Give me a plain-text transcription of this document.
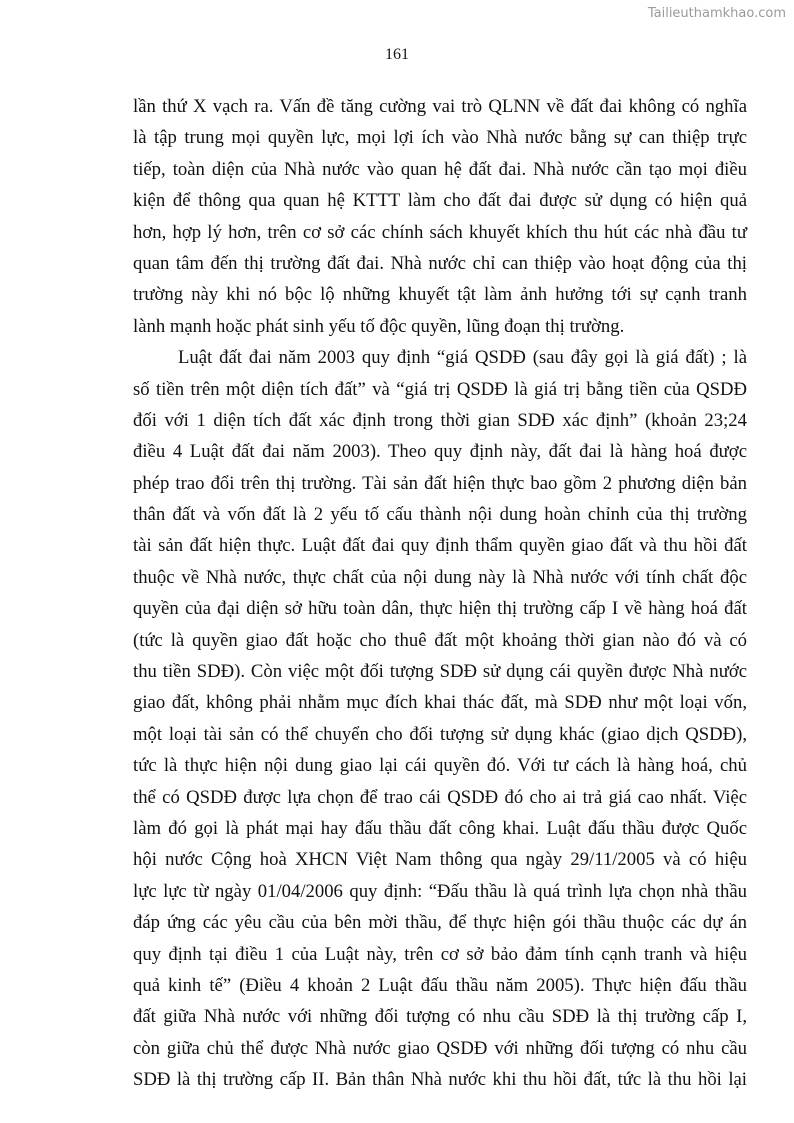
Tailieuthamkhao.com
161
lần thứ X vạch ra. Vấn đề tăng cường vai trò QLNN về đất đai không có nghĩa
là tập trung mọi quyền lực, mọi lợi ích vào Nhà nước bằng sự can thiệp trực
tiếp, toàn diện của Nhà nước vào quan hệ đất đai. Nhà nước cần tạo mọi điều
kiện để thông qua quan hệ KTTT làm cho đất đai được sử dụng có hiện quả
hơn, hợp lý hơn, trên cơ sở các chính sách khuyết khích thu hút các nhà đầu tư
quan tâm đến thị trường đất đai. Nhà nước chỉ can thiệp vào hoạt động của thị
trường này khi nó bộc lộ những khuyết tật làm ảnh hưởng tới sự cạnh tranh
lành mạnh hoặc phát sinh yếu tố độc quyền, lũng đoạn thị trường.
Luật đất đai năm 2003 quy định “giá QSDĐ (sau đây gọi là giá đất) ; là
số tiền trên một diện tích đất” và “giá trị QSDĐ là giá trị bằng tiền của QSDĐ
đối với 1 diện tích đất xác định trong thời gian SDĐ xác định” (khoản 23;24
điều 4 Luật đất đai năm 2003). Theo quy định này, đất đai là hàng hoá được
phép trao đổi trên thị trường. Tài sản đất hiện thực bao gồm 2 phương diện bản
thân đất và vốn đất là 2 yếu tố cấu thành nội dung hoàn chỉnh của thị trường
tài sản đất hiện thực. Luật đất đai quy định thẩm quyền giao đất và thu hồi đất
thuộc về Nhà nước, thực chất của nội dung này là Nhà nước với tính chất độc
quyền của đại diện sở hữu toàn dân, thực hiện thị trường cấp I về hàng hoá đất
(tức là quyền giao đất hoặc cho thuê đất một khoảng thời gian nào đó và có
thu tiền SDĐ). Còn việc một đối tượng SDĐ sử dụng cái quyền được Nhà nước
giao đất, không phải nhằm mục đích khai thác đất, mà SDĐ như một loại vốn,
một loại tài sản có thể chuyển cho đối tượng sử dụng khác (giao dịch QSDĐ),
tức là thực hiện nội dung giao lại cái quyền đó. Với tư cách là hàng hoá, chủ
thể có QSDĐ được lựa chọn để trao cái QSDĐ đó cho ai trả giá cao nhất. Việc
làm đó gọi là phát mại hay đấu thầu đất công khai. Luật đấu thầu được Quốc
hội nước Cộng hoà XHCN Việt Nam thông qua ngày 29/11/2005 và có hiệu
lực lực từ ngày 01/04/2006 quy định: “Đấu thầu là quá trình lựa chọn nhà thầu
đáp ứng các yêu cầu của bên mời thầu, để thực hiện gói thầu thuộc các dự án
quy định tại điều 1 của Luật này, trên cơ sở bảo đảm tính cạnh tranh và hiệu
quả kinh tế” (Điều 4 khoản 2 Luật đấu thầu năm 2005). Thực hiện đấu thầu
đất giữa Nhà nước với những đối tượng có nhu cầu SDĐ là thị trường cấp I,
còn giữa chủ thể được Nhà nước giao QSDĐ với những đối tượng có nhu cầu
SDĐ là thị trường cấp II. Bản thân Nhà nước khi thu hồi đất, tức là thu hồi lại
